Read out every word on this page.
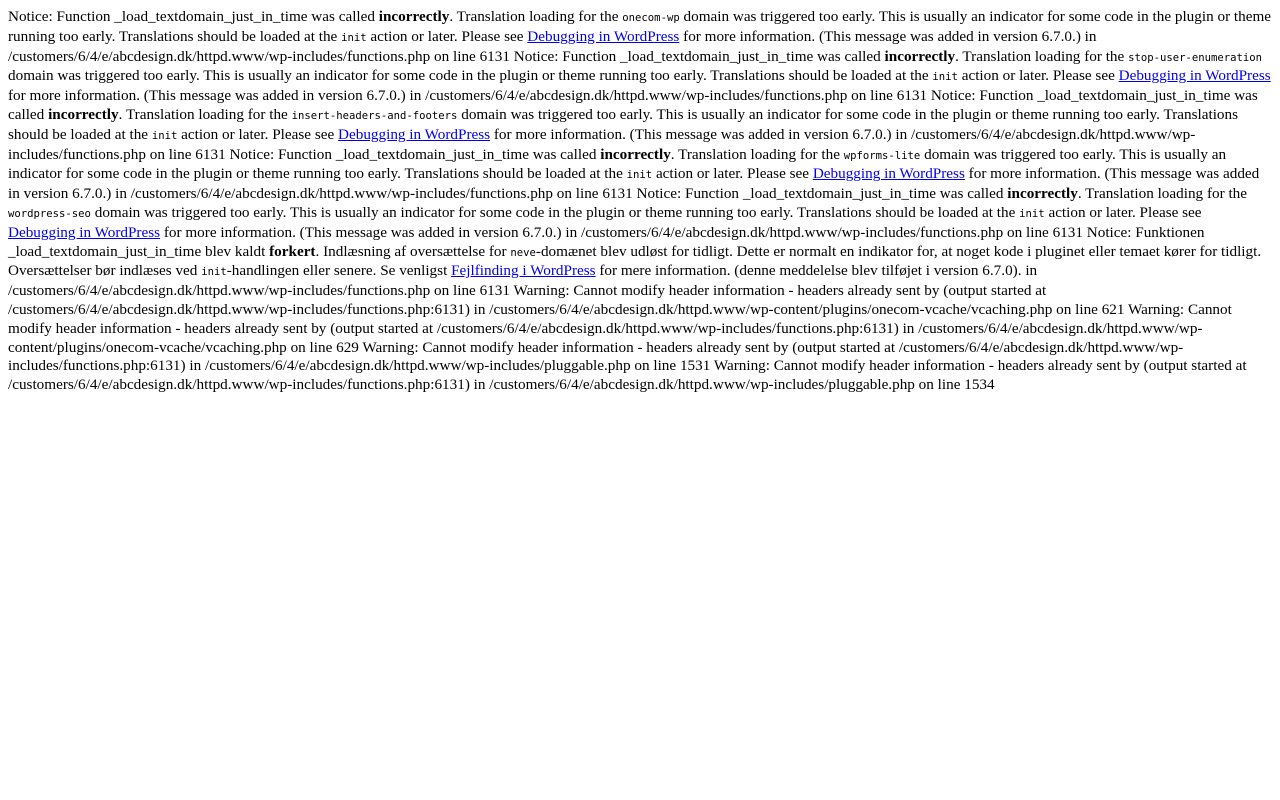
Notice: Function _load_textdomain_just_in_time was called incorrectly. Translation loading for the onecom-wp domain was triggered too early. This is usually an indicator for some code in the plugin or theme running too early. Translations should be loaded at the init action or later. Please see Debugging in WordPress for more information. (This message was added in version 6.7.0.) in /customers/6/4/e/abcdesign.dk/httpd.www/wp-includes/functions.php on line 6131 Notice: Function _load_textdomain_just_in_time was called incorrectly. Translation loading for the stop-user-enumeration domain was triggered too early. This is usually an indicator for some code in the plugin or theme running too early. Translations should be loaded at the init action or later. Please see Debugging in WordPress for more information. (This message was added in version 6.7.0.) in /customers/6/4/e/abcdesign.dk/httpd.www/wp-includes/functions.php on line 6131 Notice: Function _load_textdomain_just_in_time was called incorrectly. Translation loading for the insert-headers-and-footers domain was triggered too early. This is usually an indicator for some code in the plugin or theme running too early. Translations should be loaded at the init action or later. Please see Debugging in WordPress for more information. (This message was added in version 6.7.0.) in /customers/6/4/e/abcdesign.dk/httpd.www/wp-includes/functions.php on line 6131 Notice: Function _load_textdomain_just_in_time was called incorrectly. Translation loading for the wpforms-lite domain was triggered too early. This is usually an indicator for some code in the plugin or theme running too early. Translations should be loaded at the init action or later. Please see Debugging in WordPress for more information. (This message was added in version 6.7.0.) in /customers/6/4/e/abcdesign.dk/httpd.www/wp-includes/functions.php on line 6131 Notice: Function _load_textdomain_just_in_time was called incorrectly. Translation loading for the wordpress-seo domain was triggered too early. This is usually an indicator for some code in the plugin or theme running too early. Translations should be loaded at the init action or later. Please see Debugging in WordPress for more information. (This message was added in version 6.7.0.) in /customers/6/4/e/abcdesign.dk/httpd.www/wp-includes/functions.php on line 6131 Notice: Funktionen _load_textdomain_just_in_time blev kaldt forkert. Indlæsning af oversættelse for neve-domænet blev udløst for tidligt. Dette er normalt en indikator for, at noget kode i pluginet eller temaet kører for tidligt. Oversættelser bør indlæses ved init-handlingen eller senere. Se venligst Fejlfinding i WordPress for mere information. (denne meddelelse blev tilføjet i version 6.7.0). in /customers/6/4/e/abcdesign.dk/httpd.www/wp-includes/functions.php on line 6131 Warning: Cannot modify header information - headers already sent by (output started at /customers/6/4/e/abcdesign.dk/httpd.www/wp-includes/functions.php:6131) in /customers/6/4/e/abcdesign.dk/httpd.www/wp-content/plugins/onecom-vcache/vcaching.php on line 621 Warning: Cannot modify header information - headers already sent by (output started at /customers/6/4/e/abcdesign.dk/httpd.www/wp-includes/functions.php:6131) in /customers/6/4/e/abcdesign.dk/httpd.www/wp-content/plugins/onecom-vcache/vcaching.php on line 629 Warning: Cannot modify header information - headers already sent by (output started at /customers/6/4/e/abcdesign.dk/httpd.www/wp-includes/functions.php:6131) in /customers/6/4/e/abcdesign.dk/httpd.www/wp-includes/pluggable.php on line 1531 Warning: Cannot modify header information - headers already sent by (output started at /customers/6/4/e/abcdesign.dk/httpd.www/wp-includes/functions.php:6131) in /customers/6/4/e/abcdesign.dk/httpd.www/wp-includes/pluggable.php on line 1534
